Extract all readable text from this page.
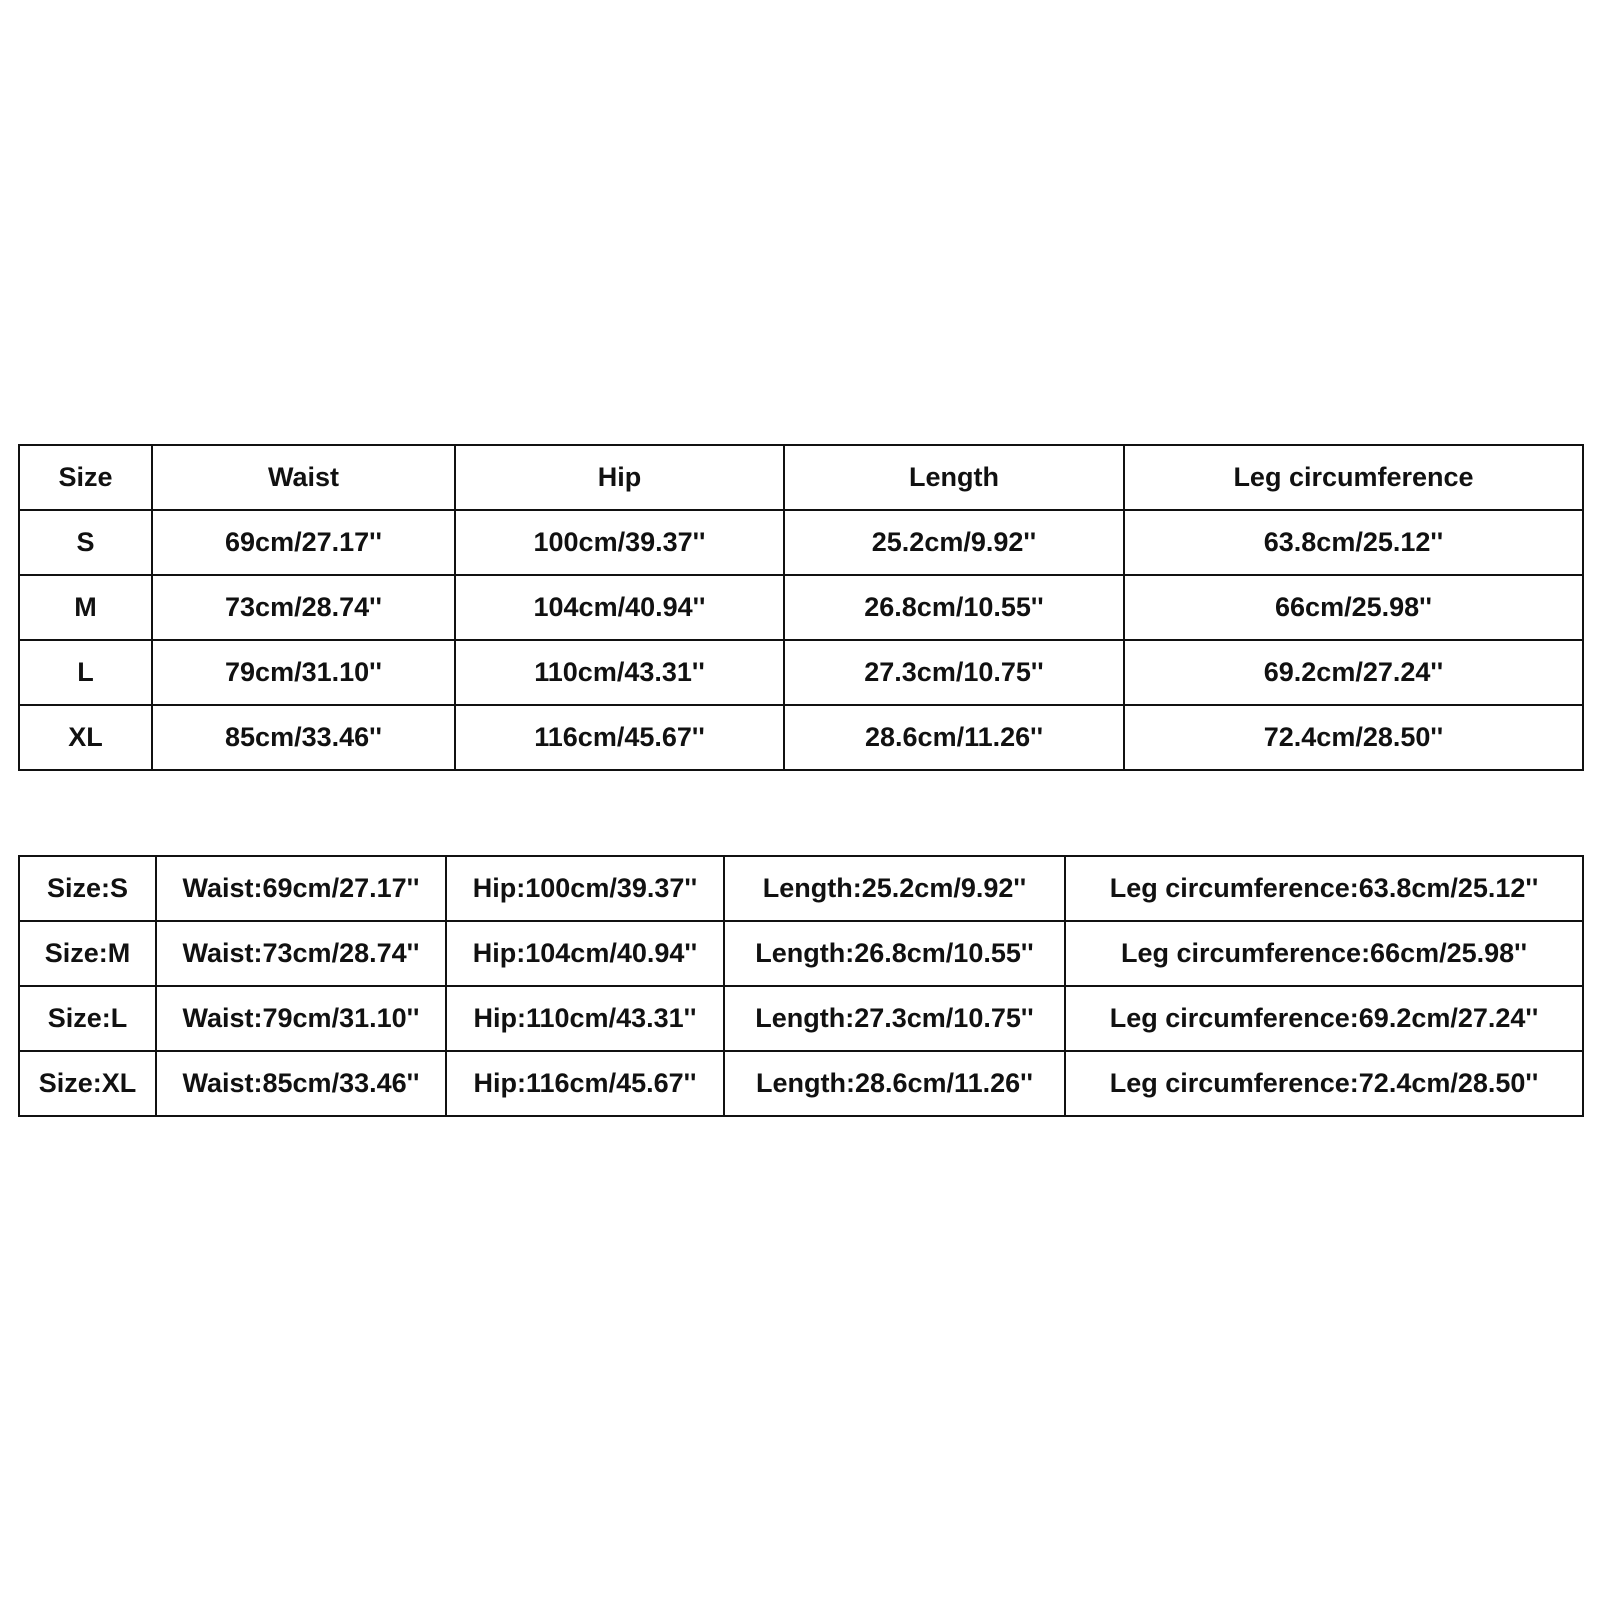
Size	Waist	Hip	Length	Leg circumference
S	69cm/27.17''	100cm/39.37''	25.2cm/9.92''	63.8cm/25.12''
M	73cm/28.74''	104cm/40.94''	26.8cm/10.55''	66cm/25.98''
L	79cm/31.10''	110cm/43.31''	27.3cm/10.75''	69.2cm/27.24''
XL	85cm/33.46''	116cm/45.67''	28.6cm/11.26''	72.4cm/28.50''
Size:S	Waist:69cm/27.17''	Hip:100cm/39.37''	Length:25.2cm/9.92''	Leg circumference:63.8cm/25.12''
Size:M	Waist:73cm/28.74''	Hip:104cm/40.94''	Length:26.8cm/10.55''	Leg circumference:66cm/25.98''
Size:L	Waist:79cm/31.10''	Hip:110cm/43.31''	Length:27.3cm/10.75''	Leg circumference:69.2cm/27.24''
Size:XL	Waist:85cm/33.46''	Hip:116cm/45.67''	Length:28.6cm/11.26''	Leg circumference:72.4cm/28.50''
